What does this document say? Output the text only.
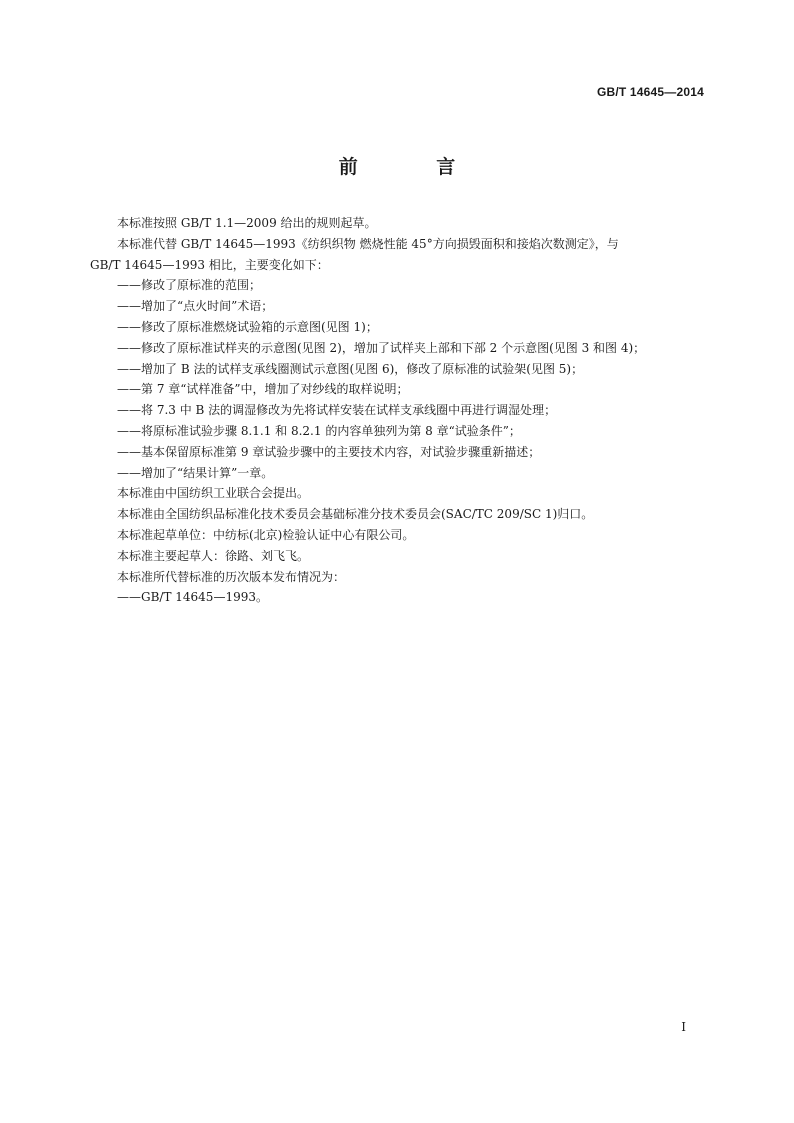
GB/T 14645—2014
前 言

本标准按照 GB/T 1.1—2009 给出的规则起草。

本标准代替 GB/T 14645—1993《纺织织物 燃烧性能 45°方向损毁面积和接焰次数测定》，与

GB/T 14645—1993 相比，主要变化如下：

——修改了原标准的范围；

——增加了“点火时间”术语；

——修改了原标准燃烧试验箱的示意图(见图 1)；

——修改了原标准试样夹的示意图(见图 2)，增加了试样夹上部和下部 2 个示意图(见图 3 和图 4)；

——增加了 B 法的试样支承线圈测试示意图(见图 6)，修改了原标准的试验架(见图 5)；

——第 7 章“试样准备”中，增加了对纱线的取样说明；

——将 7.3 中 B 法的调湿修改为先将试样安装在试样支承线圈中再进行调湿处理；

——将原标准试验步骤 8.1.1 和 8.2.1 的内容单独列为第 8 章“试验条件”；

——基本保留原标准第 9 章试验步骤中的主要技术内容，对试验步骤重新描述；

——增加了“结果计算”一章。

本标准由中国纺织工业联合会提出。

本标准由全国纺织品标准化技术委员会基础标准分技术委员会(SAC/TC 209/SC 1)归口。

本标准起草单位：中纺标(北京)检验认证中心有限公司。

本标准主要起草人：徐路、刘飞飞。

本标准所代替标准的历次版本发布情况为：

——GB/T 14645—1993。

I
